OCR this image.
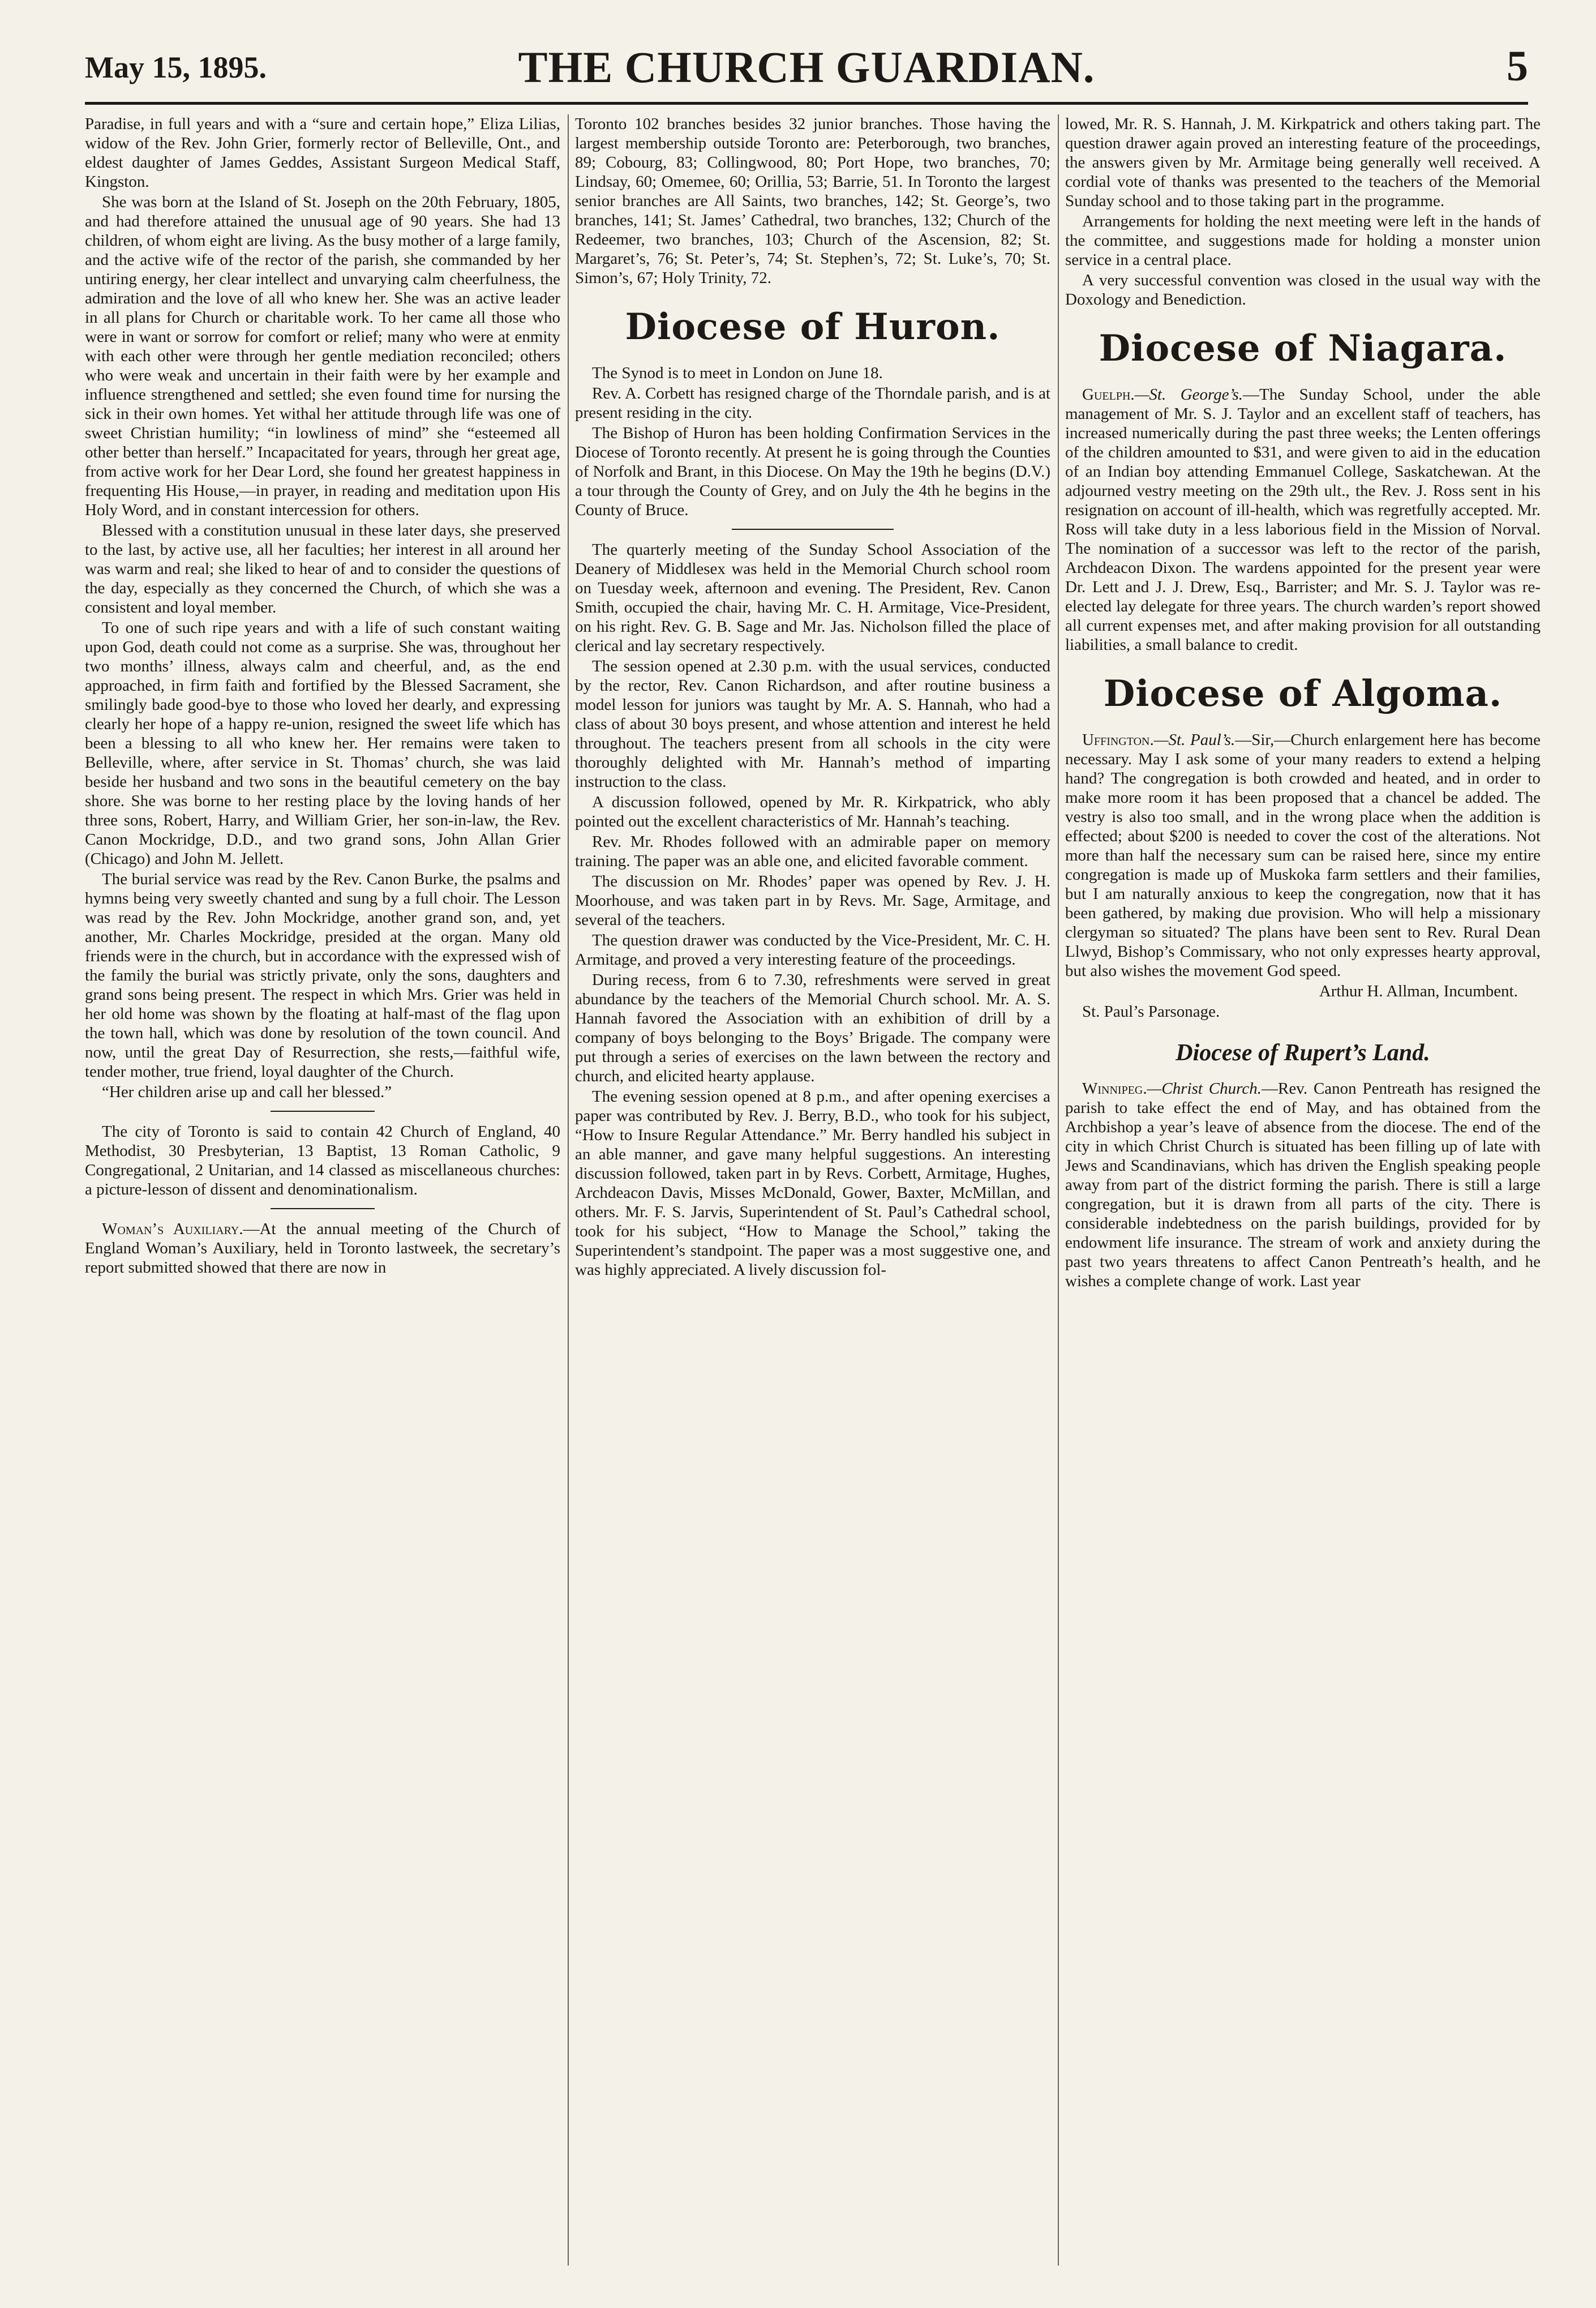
May 15, 1895.	THE CHURCH GUARDIAN.	5

Paradise, in full years and with a “sure and certain hope,” Eliza Lilias, widow of the Rev. John Grier, formerly rector of Belleville, Ont., and eldest daughter of James Geddes, Assistant Surgeon Medical Staff, Kingston.

She was born at the Island of St. Joseph on the 20th February, 1805, and had therefore attained the unusual age of 90 years. She had 13 children, of whom eight are living. As the busy mother of a large family, and the active wife of the rector of the parish, she commanded by her untiring energy, her clear intellect and unvarying calm cheerfulness, the admiration and the love of all who knew her. She was an active leader in all plans for Church or charitable work. To her came all those who were in want or sorrow for comfort or relief; many who were at enmity with each other were through her gentle mediation reconciled; others who were weak and uncertain in their faith were by her example and influence strengthened and settled; she even found time for nursing the sick in their own homes. Yet withal her attitude through life was one of sweet Christian humility; “in lowliness of mind” she “esteemed all other better than herself.” Incapacitated for years, through her great age, from active work for her Dear Lord, she found her greatest happiness in frequenting His House,—in prayer, in reading and meditation upon His Holy Word, and in constant intercession for others.

Blessed with a constitution unusual in these later days, she preserved to the last, by active use, all her faculties; her interest in all around her was warm and real; she liked to hear of and to consider the questions of the day, especially as they concerned the Church, of which she was a consistent and loyal member.

To one of such ripe years and with a life of such constant waiting upon God, death could not come as a surprise. She was, throughout her two months’ illness, always calm and cheerful, and, as the end approached, in firm faith and fortified by the Blessed Sacrament, she smilingly bade good-bye to those who loved her dearly, and expressing clearly her hope of a happy re-union, resigned the sweet life which has been a blessing to all who knew her. Her remains were taken to Belleville, where, after service in St. Thomas’ church, she was laid beside her husband and two sons in the beautiful cemetery on the bay shore. She was borne to her resting place by the loving hands of her three sons, Robert, Harry, and William Grier, her son-in-law, the Rev. Canon Mockridge, D.D., and two grand sons, John Allan Grier (Chicago) and John M. Jellett.

The burial service was read by the Rev. Canon Burke, the psalms and hymns being very sweetly chanted and sung by a full choir. The Lesson was read by the Rev. John Mockridge, another grand son, and, yet another, Mr. Charles Mockridge, presided at the organ. Many old friends were in the church, but in accordance with the expressed wish of the family the burial was strictly private, only the sons, daughters and grand sons being present. The respect in which Mrs. Grier was held in her old home was shown by the floating at half-mast of the flag upon the town hall, which was done by resolution of the town council. And now, until the great Day of Resurrection, she rests,—faithful wife, tender mother, true friend, loyal daughter of the Church.

“Her children arise up and call her blessed.”

The city of Toronto is said to contain 42 Church of England, 40 Methodist, 30 Presbyterian, 13 Baptist, 13 Roman Catholic, 9 Congregational, 2 Unitarian, and 14 classed as miscellaneous churches: a picture-lesson of dissent and denominationalism.

Woman’s Auxiliary.—At the annual meeting of the Church of England Woman’s Auxiliary, held in Toronto lastweek, the secretary’s report submitted showed that there are now in

Toronto 102 branches besides 32 junior branches. Those having the largest membership outside Toronto are: Peterborough, two branches, 89; Cobourg, 83; Collingwood, 80; Port Hope, two branches, 70; Lindsay, 60; Omemee, 60; Orillia, 53; Barrie, 51. In Toronto the largest senior branches are All Saints, two branches, 142; St. George’s, two branches, 141; St. James’ Cathedral, two branches, 132; Church of the Redeemer, two branches, 103; Church of the Ascension, 82; St. Margaret’s, 76; St. Peter’s, 74; St. Stephen’s, 72; St. Luke’s, 70; St. Simon’s, 67; Holy Trinity, 72.

Diocese of Huron.

The Synod is to meet in London on June 18.

Rev. A. Corbett has resigned charge of the Thorndale parish, and is at present residing in the city.

The Bishop of Huron has been holding Confirmation Services in the Diocese of Toronto recently. At present he is going through the Counties of Norfolk and Brant, in this Diocese. On May the 19th he begins (D.V.) a tour through the County of Grey, and on July the 4th he begins in the County of Bruce.

The quarterly meeting of the Sunday School Association of the Deanery of Middlesex was held in the Memorial Church school room on Tuesday week, afternoon and evening. The President, Rev. Canon Smith, occupied the chair, having Mr. C. H. Armitage, Vice-President, on his right. Rev. G. B. Sage and Mr. Jas. Nicholson filled the place of clerical and lay secretary respectively.

The session opened at 2.30 p.m. with the usual services, conducted by the rector, Rev. Canon Richardson, and after routine business a model lesson for juniors was taught by Mr. A. S. Hannah, who had a class of about 30 boys present, and whose attention and interest he held throughout. The teachers present from all schools in the city were thoroughly delighted with Mr. Hannah’s method of imparting instruction to the class.

A discussion followed, opened by Mr. R. Kirkpatrick, who ably pointed out the excellent characteristics of Mr. Hannah’s teaching.

Rev. Mr. Rhodes followed with an admirable paper on memory training. The paper was an able one, and elicited favorable comment.

The discussion on Mr. Rhodes’ paper was opened by Rev. J. H. Moorhouse, and was taken part in by Revs. Mr. Sage, Armitage, and several of the teachers.

The question drawer was conducted by the Vice-President, Mr. C. H. Armitage, and proved a very interesting feature of the proceedings.

During recess, from 6 to 7.30, refreshments were served in great abundance by the teachers of the Memorial Church school. Mr. A. S. Hannah favored the Association with an exhibition of drill by a company of boys belonging to the Boys’ Brigade. The company were put through a series of exercises on the lawn between the rectory and church, and elicited hearty applause.

The evening session opened at 8 p.m., and after opening exercises a paper was contributed by Rev. J. Berry, B.D., who took for his subject, “How to Insure Regular Attendance.” Mr. Berry handled his subject in an able manner, and gave many helpful suggestions. An interesting discussion followed, taken part in by Revs. Corbett, Armitage, Hughes, Archdeacon Davis, Misses McDonald, Gower, Baxter, McMillan, and others. Mr. F. S. Jarvis, Superintendent of St. Paul’s Cathedral school, took for his subject, “How to Manage the School,” taking the Superintendent’s standpoint. The paper was a most suggestive one, and was highly appreciated. A lively discussion fol-

lowed, Mr. R. S. Hannah, J. M. Kirkpatrick and others taking part. The question drawer again proved an interesting feature of the proceedings, the answers given by Mr. Armitage being generally well received. A cordial vote of thanks was presented to the teachers of the Memorial Sunday school and to those taking part in the programme.

Arrangements for holding the next meeting were left in the hands of the committee, and suggestions made for holding a monster union service in a central place.

A very successful convention was closed in the usual way with the Doxology and Benediction.

Diocese of Niagara.

Guelph.—St. George’s.—The Sunday School, under the able management of Mr. S. J. Taylor and an excellent staff of teachers, has increased numerically during the past three weeks; the Lenten offerings of the children amounted to $31, and were given to aid in the education of an Indian boy attending Emmanuel College, Saskatchewan. At the adjourned vestry meeting on the 29th ult., the Rev. J. Ross sent in his resignation on account of ill-health, which was regretfully accepted. Mr. Ross will take duty in a less laborious field in the Mission of Norval. The nomination of a successor was left to the rector of the parish, Archdeacon Dixon. The wardens appointed for the present year were Dr. Lett and J. J. Drew, Esq., Barrister; and Mr. S. J. Taylor was re-elected lay delegate for three years. The church warden’s report showed all current expenses met, and after making provision for all outstanding liabilities, a small balance to credit.

Diocese of Algoma.

Uffington.—St. Paul’s.—Sir,—Church enlargement here has become necessary. May I ask some of your many readers to extend a helping hand? The congregation is both crowded and heated, and in order to make more room it has been proposed that a chancel be added. The vestry is also too small, and in the wrong place when the addition is effected; about $200 is needed to cover the cost of the alterations. Not more than half the necessary sum can be raised here, since my entire congregation is made up of Muskoka farm settlers and their families, but I am naturally anxious to keep the congregation, now that it has been gathered, by making due provision. Who will help a missionary clergyman so situated? The plans have been sent to Rev. Rural Dean Llwyd, Bishop’s Commissary, who not only expresses hearty approval, but also wishes the movement God speed.

Arthur H. Allman, Incumbent.

St. Paul’s Parsonage.

Diocese of Rupert’s Land.

Winnipeg.—Christ Church.—Rev. Canon Pentreath has resigned the parish to take effect the end of May, and has obtained from the Archbishop a year’s leave of absence from the diocese. The end of the city in which Christ Church is situated has been filling up of late with Jews and Scandinavians, which has driven the English speaking people away from part of the district forming the parish. There is still a large congregation, but it is drawn from all parts of the city. There is considerable indebtedness on the parish buildings, provided for by endowment life insurance. The stream of work and anxiety during the past two years threatens to affect Canon Pentreath’s health, and he wishes a complete change of work. Last year
